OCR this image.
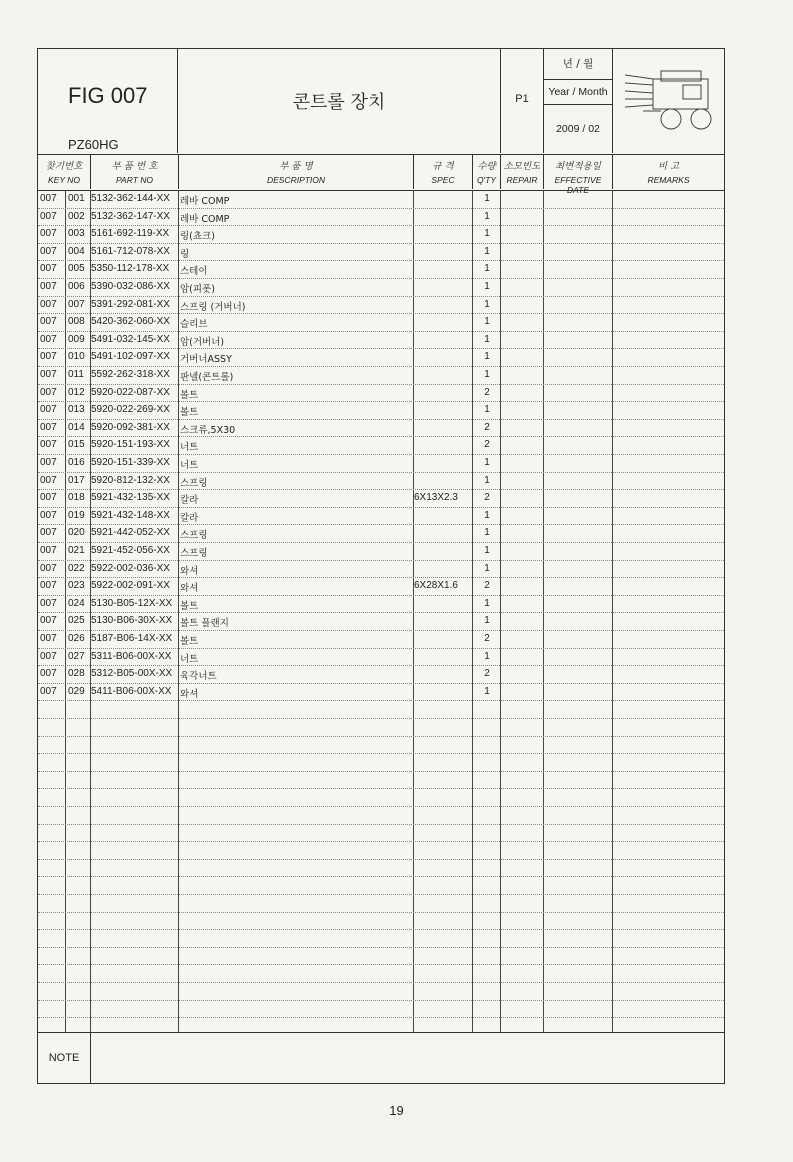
FIG 007
PZ60HG
콘트롤 장치	P1
년 / 월
Year / Month
2009 / 02
찾기번호
KEY NO
부 품 번 호
PART NO
부 품 명
DESCRIPTION
규 격
SPEC
수량
Q'TY
소모빈도
REPAIR
최변적용일
EFFECTIVE DATE
비 고
REMARKS
007 001 5132-362-144-XX 레바 COMP	1
007 002 5132-362-147-XX 레바 COMP	1
007 003 5161-692-119-XX 링(쵸크)	1
007 004 5161-712-078-XX 링	1
007 005 5350-112-178-XX 스테이	1
007 006 5390-032-086-XX 암(피폿)	1
007 007 5391-292-081-XX 스프링 (거버너)	1
007 008 5420-362-060-XX 슬리브	1
007 009 5491-032-145-XX 암(거버너)	1
007 010 5491-102-097-XX 거버너ASSY	1
007 011 5592-262-318-XX 판넬(콘트롤)	1
007 012 5920-022-087-XX 볼트	2
007 013 5920-022-269-XX 볼트	1
007 014 5920-092-381-XX 스크류,5X30	2
007 015 5920-151-193-XX 너트	2
007 016 5920-151-339-XX 너트	1
007 017 5920-812-132-XX 스프링	1
007 018 5921-432-135-XX 칼라	6X13X2.3	2
007 019 5921-432-148-XX 칼라	1
007 020 5921-442-052-XX 스프링	1
007 021 5921-452-056-XX 스프링	1
007 022 5922-002-036-XX 와셔	1
007 023 5922-002-091-XX 와셔	6X28X1.6	2
007 024 5130-B05-12X-XX 볼트	1
007 025 5130-B06-30X-XX 볼트 플랜지	1
007 026 5187-B06-14X-XX 볼트	2
007 027 5311-B06-00X-XX 너트	1
007 028 5312-B05-00X-XX 육각너트	2
007 029 5411-B06-00X-XX 와셔	1
NOTE
19
